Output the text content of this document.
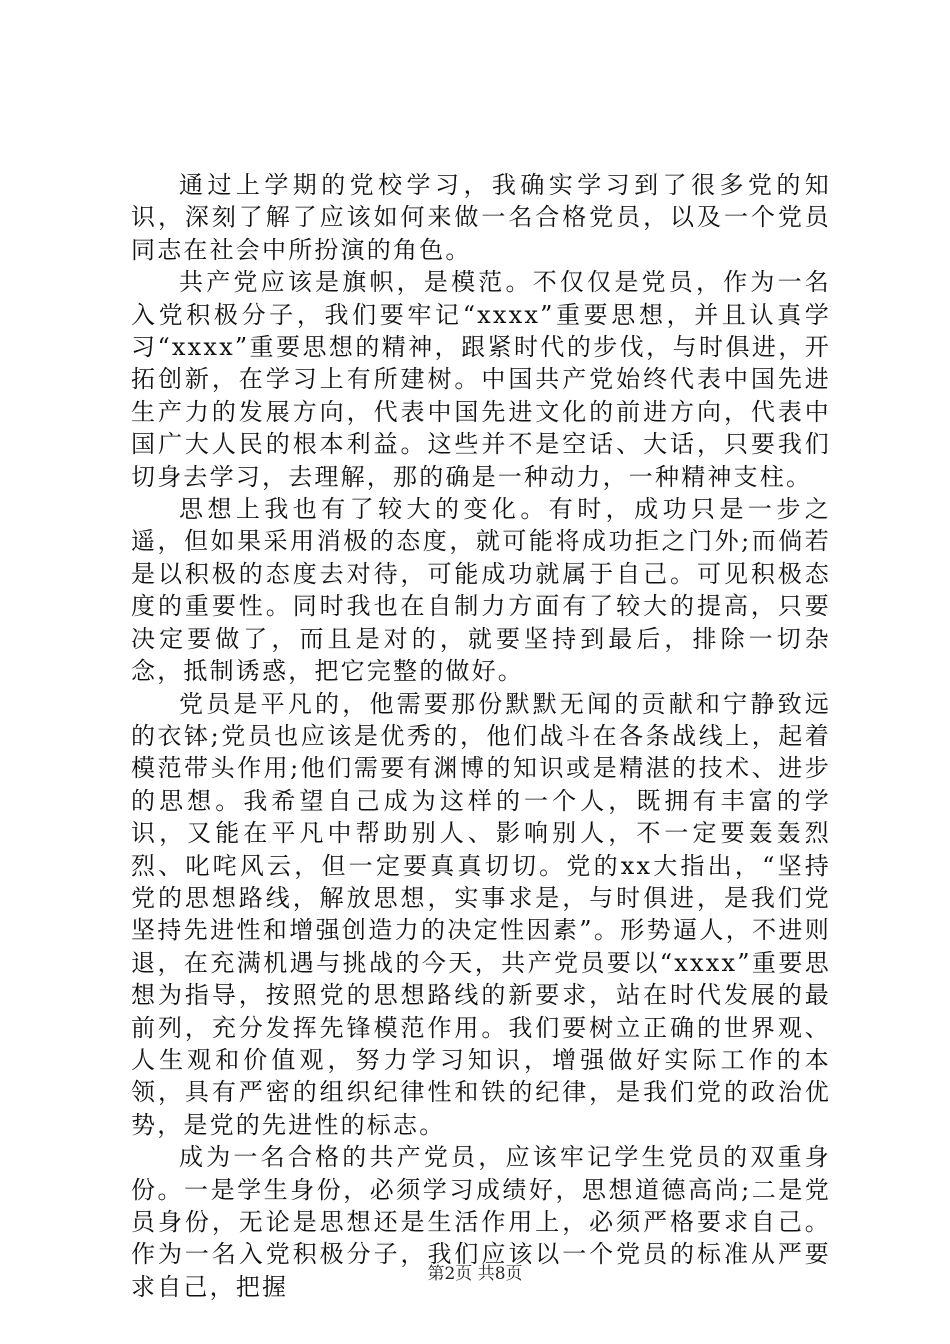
通过上学期的党校学习，我确实学习到了很多党的知识，深刻了解了应该如何来做一名合格党员，以及一个党员同志在社会中所扮演的角色。

共产党应该是旗帜，是模范。不仅仅是党员，作为一名入党积极分子，我们要牢记“xxxx”重要思想，并且认真学习“xxxx”重要思想的精神，跟紧时代的步伐，与时俱进，开拓创新，在学习上有所建树。中国共产党始终代表中国先进生产力的发展方向，代表中国先进文化的前进方向，代表中国广大人民的根本利益。这些并不是空话、大话，只要我们切身去学习，去理解，那的确是一种动力，一种精神支柱。

思想上我也有了较大的变化。有时，成功只是一步之遥，但如果采用消极的态度，就可能将成功拒之门外;而倘若是以积极的态度去对待，可能成功就属于自己。可见积极态度的重要性。同时我也在自制力方面有了较大的提高，只要决定要做了，而且是对的，就要坚持到最后，排除一切杂念，抵制诱惑，把它完整的做好。

党员是平凡的，他需要那份默默无闻的贡献和宁静致远的衣钵;党员也应该是优秀的，他们战斗在各条战线上，起着模范带头作用;他们需要有渊博的知识或是精湛的技术、进步的思想。我希望自己成为这样的一个人，既拥有丰富的学识，又能在平凡中帮助别人、影响别人，不一定要轰轰烈烈、叱咤风云，但一定要真真切切。党的xx大指出，“坚持党的思想路线，解放思想，实事求是，与时俱进，是我们党坚持先进性和增强创造力的决定性因素”。形势逼人，不进则退，在充满机遇与挑战的今天，共产党员要以“xxxx”重要思想为指导，按照党的思想路线的新要求，站在时代发展的最前列，充分发挥先锋模范作用。我们要树立正确的世界观、人生观和价值观，努力学习知识，增强做好实际工作的本领，具有严密的组织纪律性和铁的纪律，是我们党的政治优势，是党的先进性的标志。

成为一名合格的共产党员，应该牢记学生党员的双重身份。一是学生身份，必须学习成绩好，思想道德高尚;二是党员身份，无论是思想还是生活作用上，必须严格要求自己。作为一名入党积极分子，我们应该以一个党员的标准从严要求自己，把握	第2页 共8页
